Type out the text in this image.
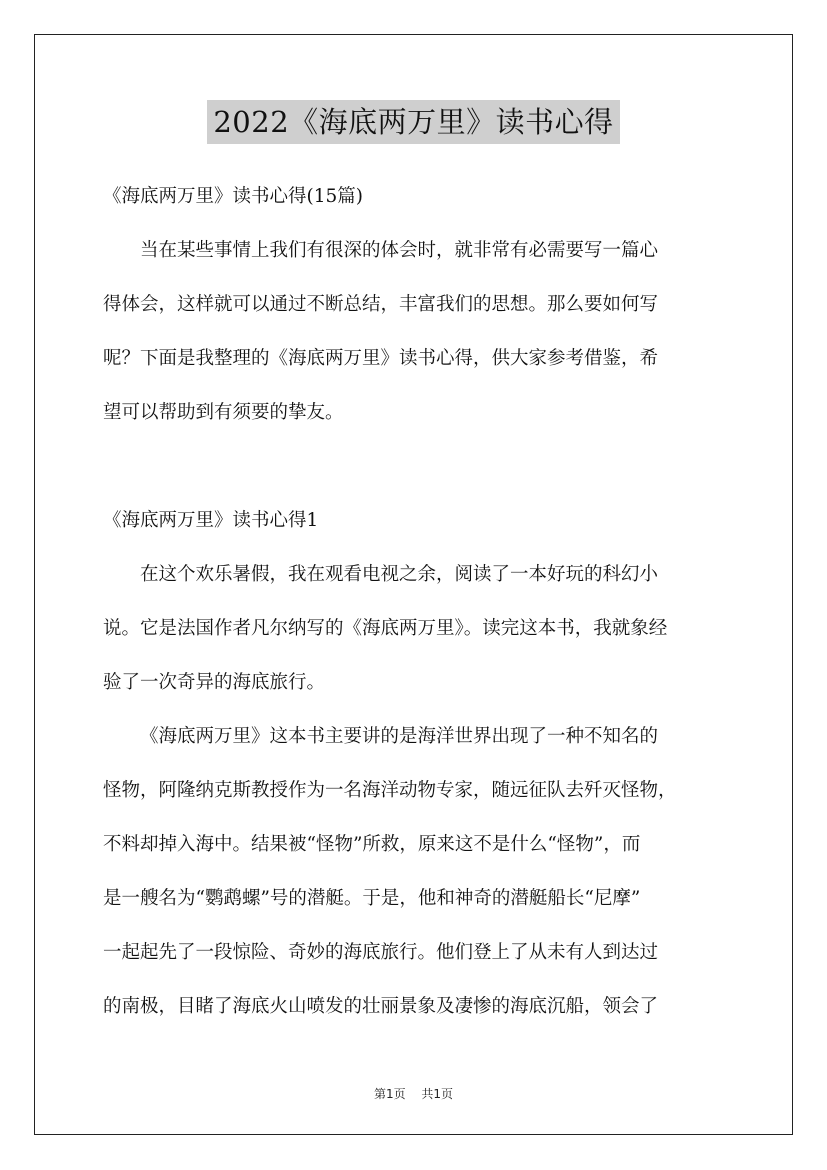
2022《海底两万里》读书心得

《海底两万里》读书心得(15篇)

当在某些事情上我们有很深的体会时，就非常有必需要写一篇心

得体会，这样就可以通过不断总结，丰富我们的思想。那么要如何写

呢？下面是我整理的《海底两万里》读书心得，供大家参考借鉴，希

望可以帮助到有须要的挚友。

《海底两万里》读书心得1

在这个欢乐暑假，我在观看电视之余，阅读了一本好玩的科幻小

说。它是法国作者凡尔纳写的《海底两万里》。读完这本书，我就象经

验了一次奇异的海底旅行。

《海底两万里》这本书主要讲的是海洋世界出现了一种不知名的

怪物，阿隆纳克斯教授作为一名海洋动物专家，随远征队去歼灭怪物，

不料却掉入海中。结果被“怪物”所救，原来这不是什么“怪物”，而

是一艘名为“鹦鹉螺”号的潜艇。于是，他和神奇的潜艇船长“尼摩”

一起起先了一段惊险、奇妙的海底旅行。他们登上了从未有人到达过

的南极，目睹了海底火山喷发的壮丽景象及凄惨的海底沉船，领会了

第1页 共1页
